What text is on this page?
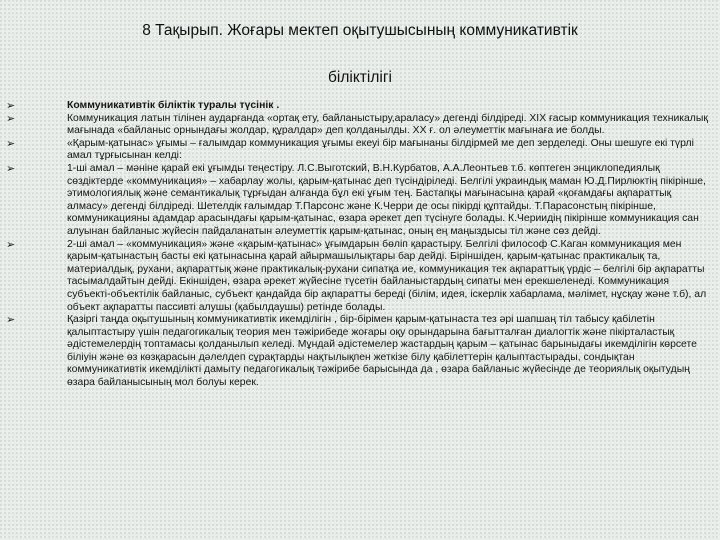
8 Тақырып. Жоғары мектеп оқытушысының коммуникативтік
біліктілігі

➢	Коммуникативтік біліктік туралы түсінік .

➢	Коммуникация латын тілінен аударғанда «ортақ ету, байланыстыру,араласу» дегенді білдіреді. ХІХ ғасыр коммуникация техникалық мағынада «байланыс орнындағы жолдар, құралдар» деп қолданылды. ХХ ғ. ол әлеуметтік мағынаға ие болды.

➢	«Қарым-қатынас» ұғымы – ғалымдар коммуникация ұғымы екеуі бір мағынаны білдірмей ме деп зерделеді. Оны шешуге екі түрлі амал тұрғысынан келді:

➢	1-ші амал – мәніне қарай екі ұғымды теңестіру. Л.С.Выготский, В.Н.Курбатов, А.А.Леонтьев т.б. көптеген энциклопедиялық сөздіктерде «коммуникация» – хабарлау жолы, қарым-қатынас деп түсіндіріледі. Белгілі украиндық маман Ю.Д.Пирлюктің пікірінше, этимологиялық және семантикалық тұрғыдан алғанда бұл екі ұғым тең. Бастапқы мағынасына қарай «қоғамдағы ақпараттық алмасу» дегенді білдіреді. Шетелдік ғалымдар Т.Парсонс және К.Черри де осы пікірді құптайды. Т.Парасонстың пікірінше, коммуникацияны адамдар арасындағы қарым-қатынас, өзара әрекет деп түсінуге болады. К.Чериидің пікірінше коммуникация сан алуынан байланыс жүйесін пайдаланатын әлеуметтік қарым-қатынас, оның ең маңыздысы тіл және сөз дейді.

➢	2-ші амал – «коммуникация» және «қарым-қатынас» ұғымдарын бөліп қарастыру. Белгілі философ С.Каган коммуникация мен қарым-қатынастың басты екі қатынасына қарай айырмашылықтары бар дейді. Біріншіден, қарым-қатынас практикалық та, материалдық, рухани, ақпараттық және практикалық-рухани сипатқа ие, коммуникация тек ақпараттық үрдіс – белгілі бір ақпаратты тасымалдайтын дейді. Екіншіден, өзара әрекет жүйесіне түсетін байланыстардың сипаты мен ерекшеленеді. Коммуникация субъекті-объектілік байланыс, субъект қандайда бір ақпаратты береді (білім, идея, іскерлік хабарлама, мәлімет, нұсқау және т.б), ал объект ақпаратты пассивті алушы (қабылдаушы) ретінде болады.

➢	Қазіргі таңда оқытушының коммуникативтік икемділігін , бір-бірімен қарым-қатынаста тез әрі шапшаң тіл табысу қабілетін қалыптастыру үшін педагогикалық теория мен тәжірибеде жоғары оқу орындарына бағытталған диалогтік және пікірталастық әдістемелердің топтамасы қолданылып келеді. Мұндай әдістемелер жастардың қарым – қатынас барыныдағы икемділігін көрсете біліуін және өз көзқарасын дәлелдеп сұрақтарды нақтылықпен жеткізе білу қабілеттерін қалыптастырады, сондықтан коммуникативтік икемділікті дамыту педагогикалық тәжірибе барысында да , өзара байланыс жүйесінде де теориялық оқытудың өзара байланысының мол болуы керек.
